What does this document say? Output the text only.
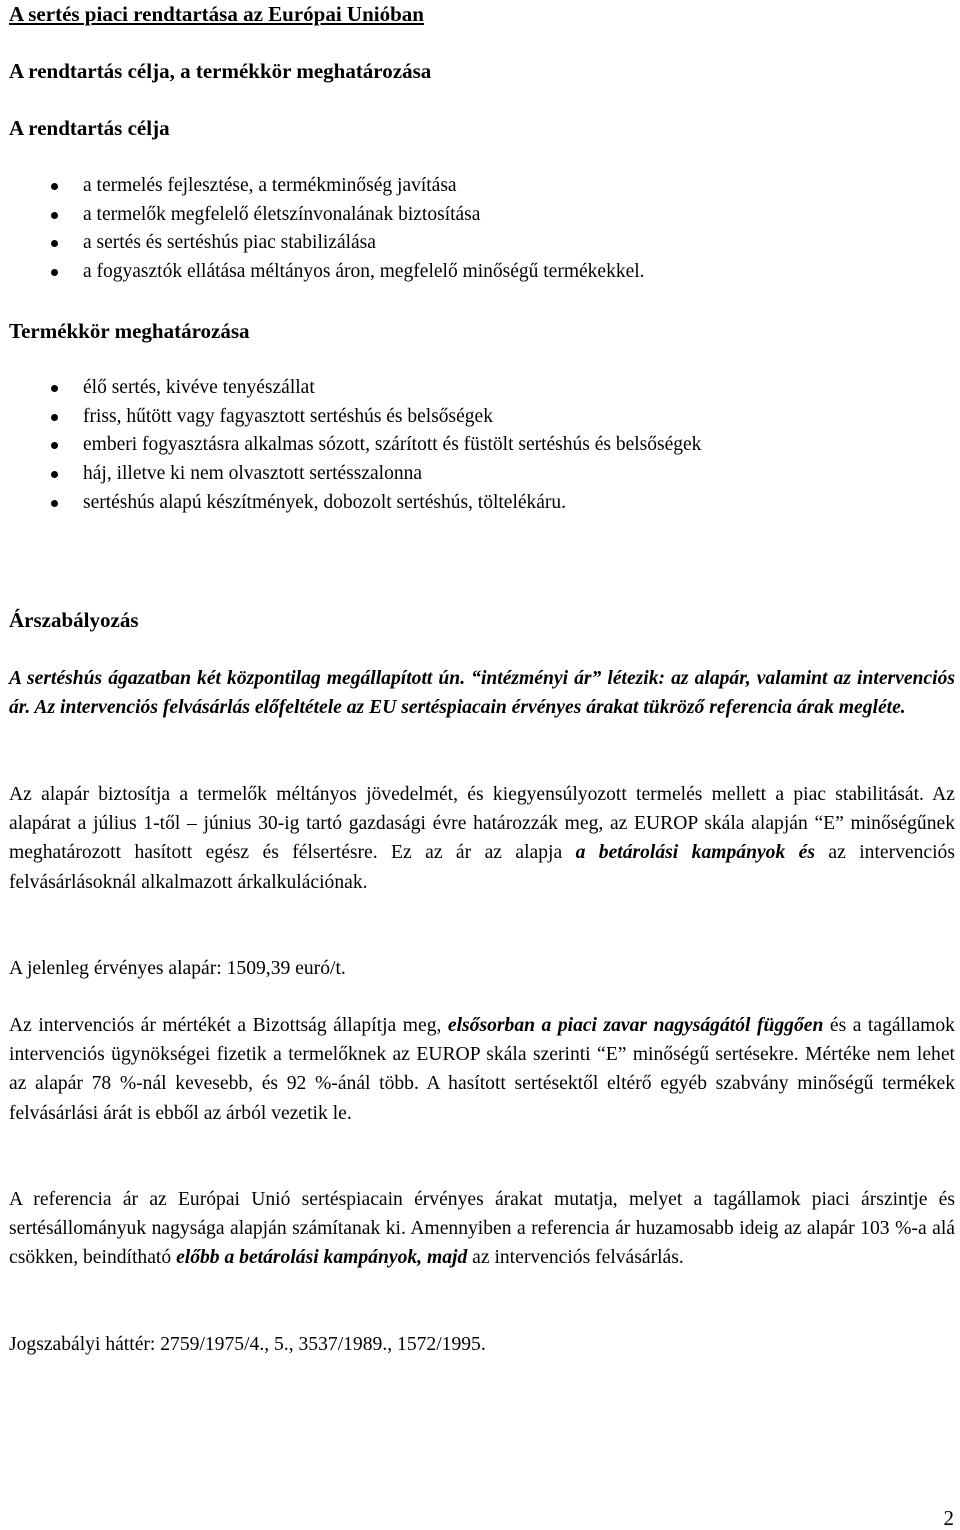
A sertés piaci rendtartása az Európai Unióban
A rendtartás célja, a termékkör meghatározása
A rendtartás célja
a termelés fejlesztése, a termékminőség javítása
a termelők megfelelő életszínvonalának biztosítása
a sertés és sertéshús piac stabilizálása
a fogyasztók ellátása méltányos áron, megfelelő minőségű termékekkel.
Termékkör meghatározása
élő sertés, kivéve tenyészállat
friss, hűtött vagy fagyasztott sertéshús és belsőségek
emberi fogyasztásra alkalmas sózott, szárított és füstölt sertéshús és belsőségek
háj, illetve ki nem olvasztott sertésszalonna
sertéshús alapú készítmények, dobozolt sertéshús, töltelékáru.
Árszabályozás

A sertéshús ágazatban két központilag megállapított ún. “intézményi ár” létezik: az alapár, valamint az intervenciós ár. Az intervenciós felvásárlás előfeltétele az EU sertéspiacain érvényes árakat tükröző referencia árak megléte.

Az alapár biztosítja a termelők méltányos jövedelmét, és kiegyensúlyozott termelés mellett a piac stabilitását. Az alapárat a július 1-től – június 30-ig tartó gazdasági évre határozzák meg, az EUROP skála alapján “E” minőségűnek meghatározott hasított egész és félsertésre. Ez az ár az alapja a betárolási kampányok és az intervenciós felvásárlásoknál alkalmazott árkalkulációnak.

A jelenleg érvényes alapár: 1509,39 euró/t.

Az intervenciós ár mértékét a Bizottság állapítja meg, elsősorban a piaci zavar nagyságától függően és a tagállamok intervenciós ügynökségei fizetik a termelőknek az EUROP skála szerinti “E” minőségű sertésekre. Mértéke nem lehet az alapár 78 %-nál kevesebb, és 92 %-ánál több. A hasított sertésektől eltérő egyéb szabvány minőségű termékek felvásárlási árát is ebből az árból vezetik le.

A referencia ár az Európai Unió sertéspiacain érvényes árakat mutatja, melyet a tagállamok piaci árszintje és sertésállományuk nagysága alapján számítanak ki. Amennyiben a referencia ár huzamosabb ideig az alapár 103 %-a alá csökken, beindítható előbb a betárolási kampányok, majd az intervenciós felvásárlás.

Jogszabályi háttér: 2759/1975/4., 5., 3537/1989., 1572/1995.

2
